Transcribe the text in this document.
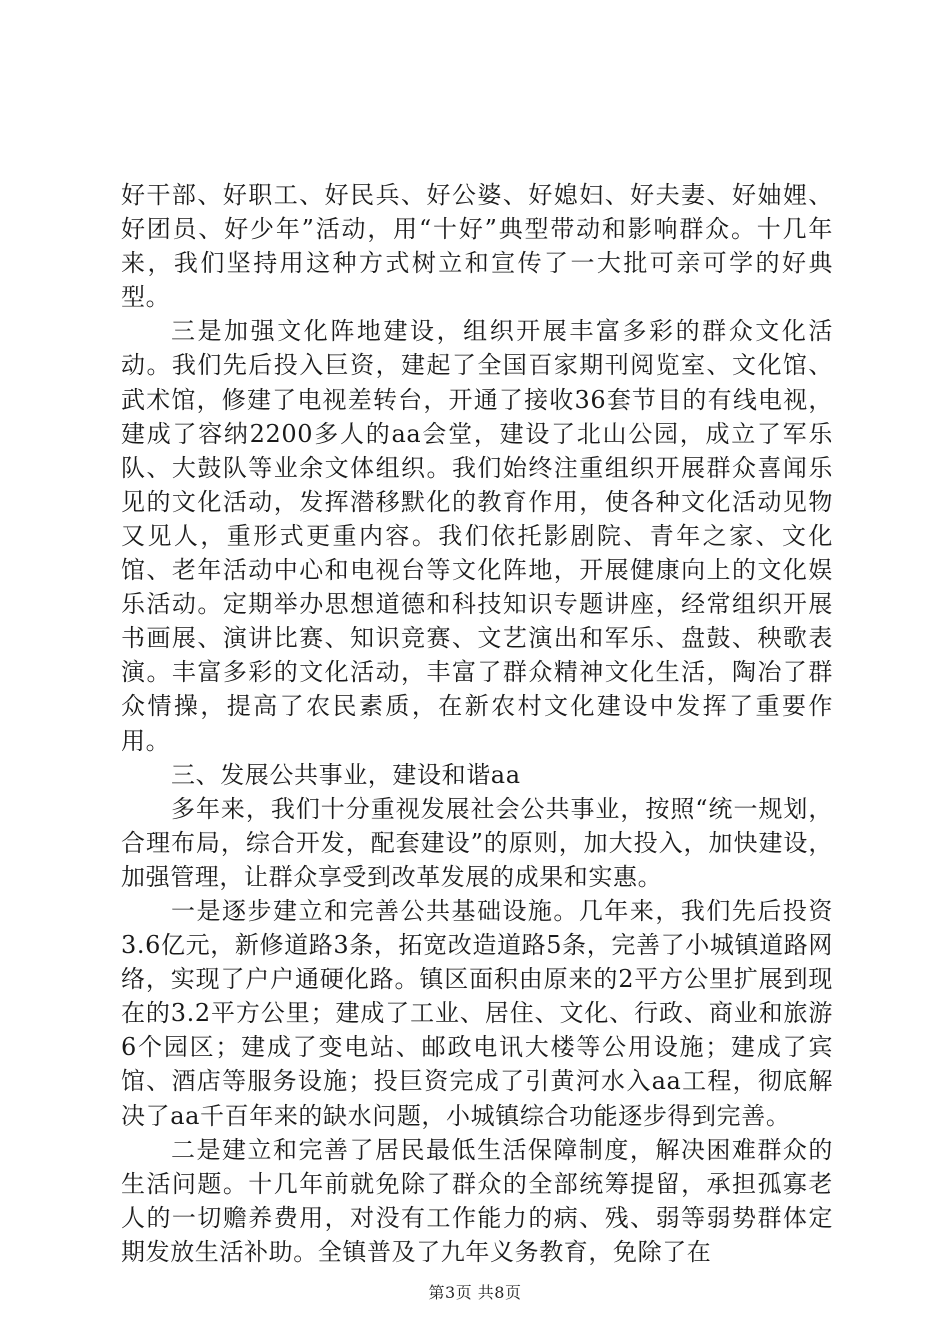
好干部、好职工、好民兵、好公婆、好媳妇、好夫妻、好妯娌、好团员、好少年”活动，用“十好”典型带动和影响群众。十几年来，我们坚持用这种方式树立和宣传了一大批可亲可学的好典型。

三是加强文化阵地建设，组织开展丰富多彩的群众文化活动。我们先后投入巨资，建起了全国百家期刊阅览室、文化馆、武术馆，修建了电视差转台，开通了接收36套节目的有线电视，建成了容纳2200多人的aa会堂，建设了北山公园，成立了军乐队、大鼓队等业余文体组织。我们始终注重组织开展群众喜闻乐见的文化活动，发挥潜移默化的教育作用，使各种文化活动见物又见人，重形式更重内容。我们依托影剧院、青年之家、文化馆、老年活动中心和电视台等文化阵地，开展健康向上的文化娱乐活动。定期举办思想道德和科技知识专题讲座，经常组织开展书画展、演讲比赛、知识竞赛、文艺演出和军乐、盘鼓、秧歌表演。丰富多彩的文化活动，丰富了群众精神文化生活，陶冶了群众情操，提高了农民素质，在新农村文化建设中发挥了重要作用。

三、发展公共事业，建设和谐aa

多年来，我们十分重视发展社会公共事业，按照“统一规划，合理布局，综合开发，配套建设”的原则，加大投入，加快建设，加强管理，让群众享受到改革发展的成果和实惠。

一是逐步建立和完善公共基础设施。几年来，我们先后投资3.6亿元，新修道路3条，拓宽改造道路5条，完善了小城镇道路网络，实现了户户通硬化路。镇区面积由原来的2平方公里扩展到现在的3.2平方公里；建成了工业、居住、文化、行政、商业和旅游6个园区；建成了变电站、邮政电讯大楼等公用设施；建成了宾馆、酒店等服务设施；投巨资完成了引黄河水入aa工程，彻底解决了aa千百年来的缺水问题，小城镇综合功能逐步得到完善。

二是建立和完善了居民最低生活保障制度，解决困难群众的生活问题。十几年前就免除了群众的全部统筹提留，承担孤寡老人的一切赡养费用，对没有工作能力的病、残、弱等弱势群体定期发放生活补助。全镇普及了九年义务教育，免除了在

第3页 共8页
